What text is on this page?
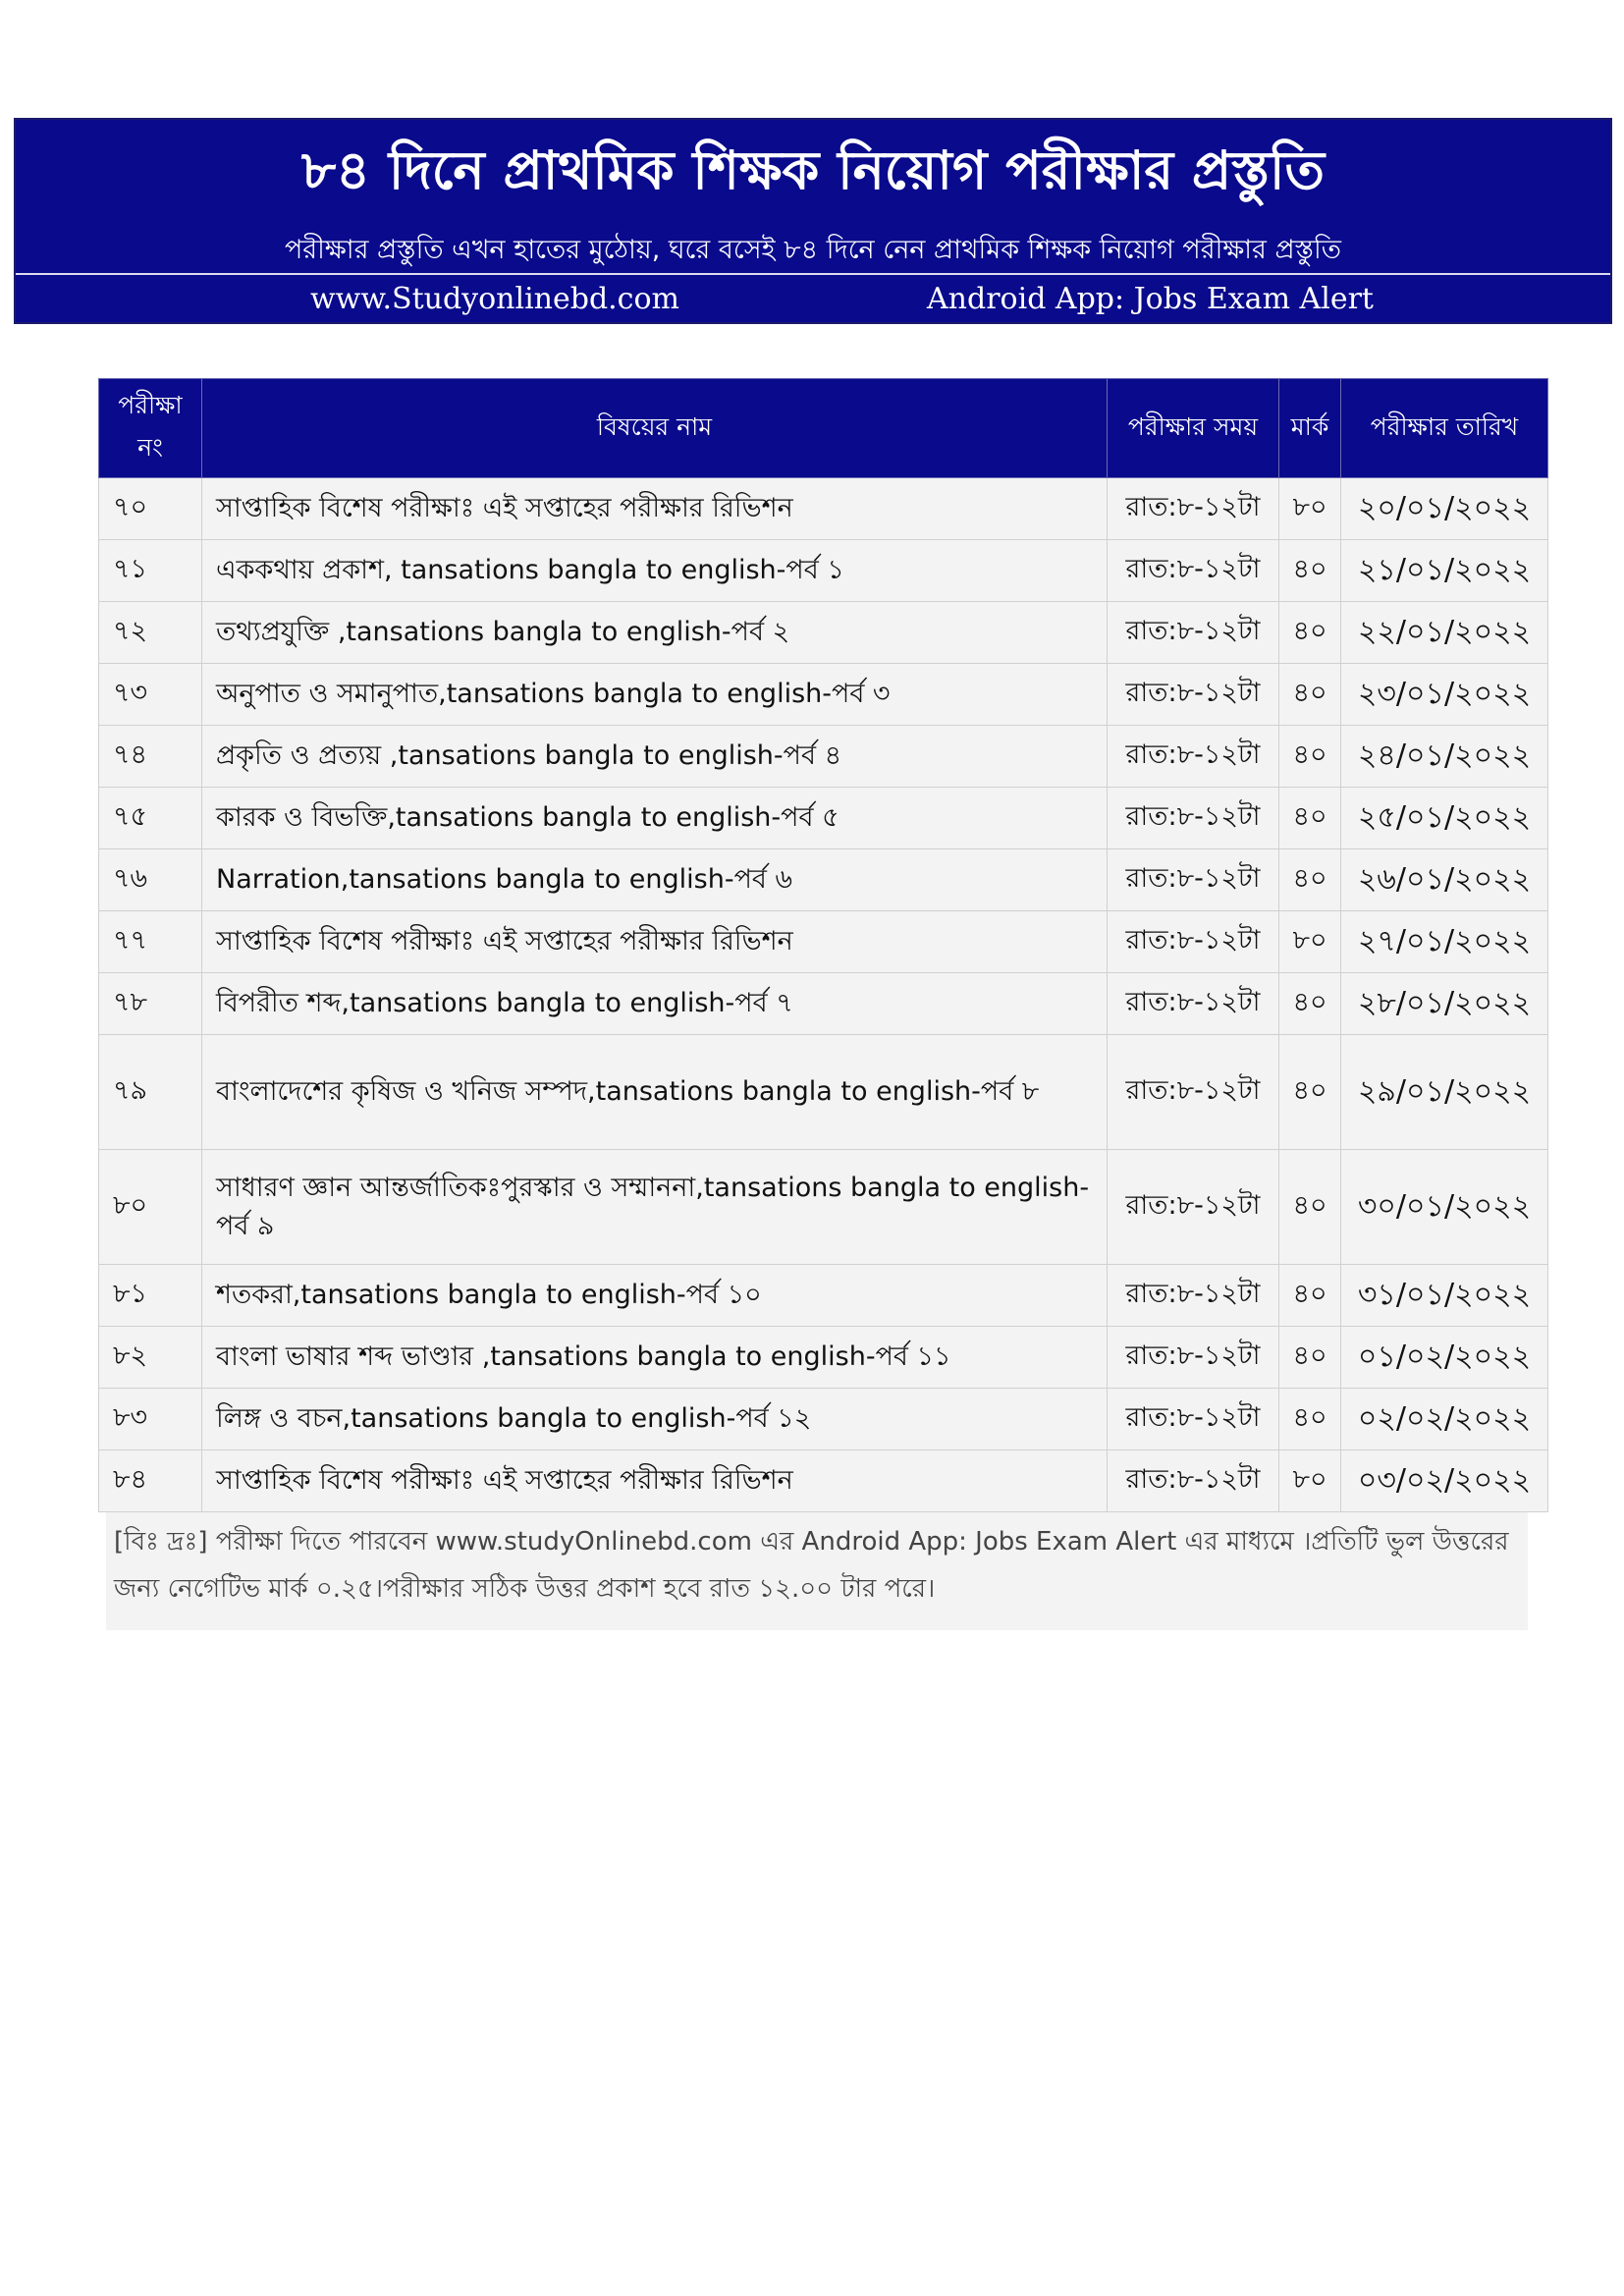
৮৪ দিনে প্রাথমিক শিক্ষক নিয়োগ পরীক্ষার প্রস্তুতি
পরীক্ষার প্রস্তুতি এখন হাতের মুঠোয়, ঘরে বসেই ৮৪ দিনে নেন প্রাথমিক শিক্ষক নিয়োগ পরীক্ষার প্রস্তুতি
www.Studyonlinebd.com	Android App: Jobs Exam Alert
পরীক্ষা নং	বিষয়ের নাম	পরীক্ষার সময়	মার্ক	পরীক্ষার তারিখ
৭০	সাপ্তাহিক বিশেষ পরীক্ষাঃ এই সপ্তাহের পরীক্ষার রিভিশন	রাত:৮-১২টা	৮০	২০/০১/২০২২
৭১	এককথায় প্রকাশ, tansations bangla to english-পর্ব ১	রাত:৮-১২টা	৪০	২১/০১/২০২২
৭২	তথ্যপ্রযুক্তি ,tansations bangla to english-পর্ব ২	রাত:৮-১২টা	৪০	২২/০১/২০২২
৭৩	অনুপাত ও সমানুপাত,tansations bangla to english-পর্ব ৩	রাত:৮-১২টা	৪০	২৩/০১/২০২২
৭৪	প্রকৃতি ও প্রত্যয় ,tansations bangla to english-পর্ব ৪	রাত:৮-১২টা	৪০	২৪/০১/২০২২
৭৫	কারক ও বিভক্তি,tansations bangla to english-পর্ব ৫	রাত:৮-১২টা	৪০	২৫/০১/২০২২
৭৬	Narration,tansations bangla to english-পর্ব ৬	রাত:৮-১২টা	৪০	২৬/০১/২০২২
৭৭	সাপ্তাহিক বিশেষ পরীক্ষাঃ এই সপ্তাহের পরীক্ষার রিভিশন	রাত:৮-১২টা	৮০	২৭/০১/২০২২
৭৮	বিপরীত শব্দ,tansations bangla to english-পর্ব ৭	রাত:৮-১২টা	৪০	২৮/০১/২০২২
৭৯	বাংলাদেশের কৃষিজ ও খনিজ সম্পদ,tansations bangla to english-পর্ব ৮	রাত:৮-১২টা	৪০	২৯/০১/২০২২
৮০	সাধারণ জ্ঞান আন্তর্জাতিকঃপুরস্কার ও সম্মাননা,tansations bangla to english-পর্ব ৯	রাত:৮-১২টা	৪০	৩০/০১/২০২২
৮১	শতকরা,tansations bangla to english-পর্ব ১০	রাত:৮-১২টা	৪০	৩১/০১/২০২২
৮২	বাংলা ভাষার শব্দ ভাণ্ডার ,tansations bangla to english-পর্ব ১১	রাত:৮-১২টা	৪০	০১/০২/২০২২
৮৩	লিঙ্গ ও বচন,tansations bangla to english-পর্ব ১২	রাত:৮-১২টা	৪০	০২/০২/২০২২
৮৪	সাপ্তাহিক বিশেষ পরীক্ষাঃ এই সপ্তাহের পরীক্ষার রিভিশন	রাত:৮-১২টা	৮০	০৩/০২/২০২২
[বিঃ দ্রঃ] পরীক্ষা দিতে পারবেন www.studyOnlinebd.com এর Android App: Jobs Exam Alert এর মাধ্যমে ।প্রতিটি ভুল উত্তরের জন্য নেগেটিভ মার্ক ০.২৫।পরীক্ষার সঠিক উত্তর প্রকাশ হবে রাত ১২.০০ টার পরে।
